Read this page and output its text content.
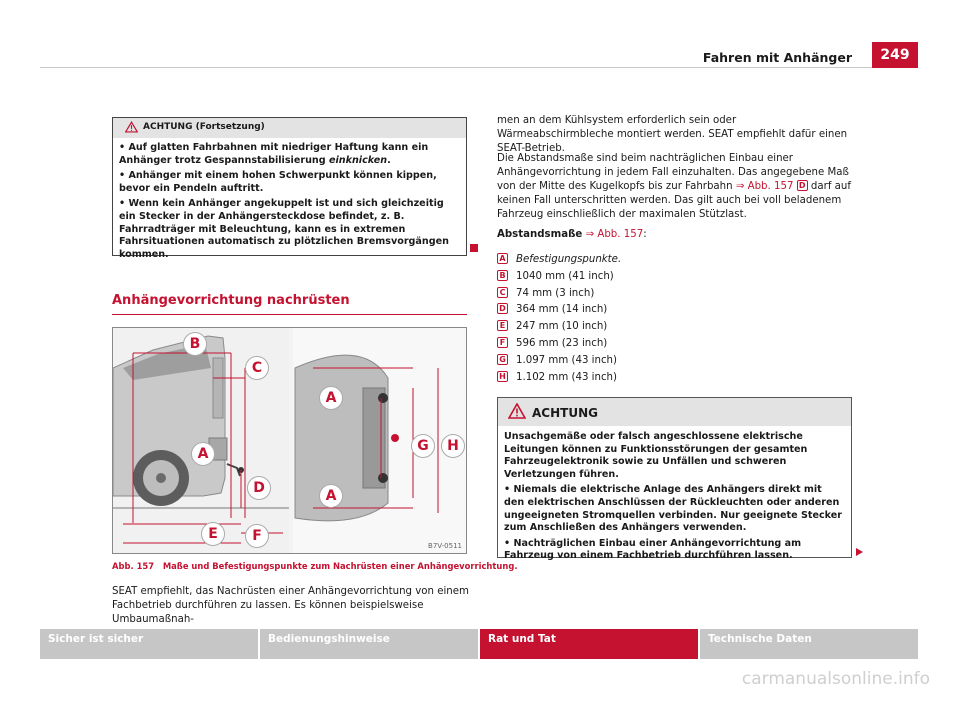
Fahren mit Anhänger	249
ACHTUNG (Fortsetzung)

• Auf glatten Fahrbahnen mit niedriger Haftung kann ein Anhänger trotz Gespannstabilisierung einknicken.

• Anhänger mit einem hohen Schwerpunkt können kippen, bevor ein Pendeln auftritt.

• Wenn kein Anhänger angekuppelt ist und sich gleichzeitig ein Stecker in der Anhängersteckdose befindet, z. B. Fahrradträger mit Beleuchtung, kann es in extremen Fahrsituationen automatisch zu plötzlichen Bremsvorgängen kommen.

Anhängevorrichtung nachrüsten
B
C
A
D
E	F
A
A
G	H
B7V-0511
Abb. 157 Maße und Befestigungspunkte zum Nachrüsten einer Anhängevorrichtung.
SEAT empfiehlt, das Nachrüsten einer Anhängevorrichtung von einem Fachbetrieb durchführen zu lassen. Es können beispielsweise Umbaumaßnah-
men an dem Kühlsystem erforderlich sein oder Wärmeabschirmbleche montiert werden. SEAT empfiehlt dafür einen SEAT-Betrieb.
Die Abstandsmaße sind beim nachträglichen Einbau einer Anhängevorrichtung in jedem Fall einzuhalten. Das angegebene Maß von der Mitte des Kugelkopfs bis zur Fahrbahn ⇒ Abb. 157 D darf auf keinen Fall unterschritten werden. Das gilt auch bei voll beladenem Fahrzeug einschließlich der maximalen Stützlast.
Abstandsmaße ⇒ Abb. 157:
A Befestigungspunkte.
B 1040 mm (41 inch)
C 74 mm (3 inch)
D 364 mm (14 inch)
E 247 mm (10 inch)
F 596 mm (23 inch)
G 1.097 mm (43 inch)
H 1.102 mm (43 inch)
ACHTUNG

Unsachgemäße oder falsch angeschlossene elektrische Leitungen können zu Funktionsstörungen der gesamten Fahrzeugelektronik sowie zu Unfällen und schweren Verletzungen führen.

• Niemals die elektrische Anlage des Anhängers direkt mit den elektrischen Anschlüssen der Rückleuchten oder anderen ungeeigneten Stromquellen verbinden. Nur geeignete Stecker zum Anschließen des Anhängers verwenden.

• Nachträglichen Einbau einer Anhängevorrichtung am Fahrzeug von einem Fachbetrieb durchführen lassen.

Sicher ist sicher	Bedienungshinweise	Rat und Tat	Technische Daten
carmanualsonline.info
